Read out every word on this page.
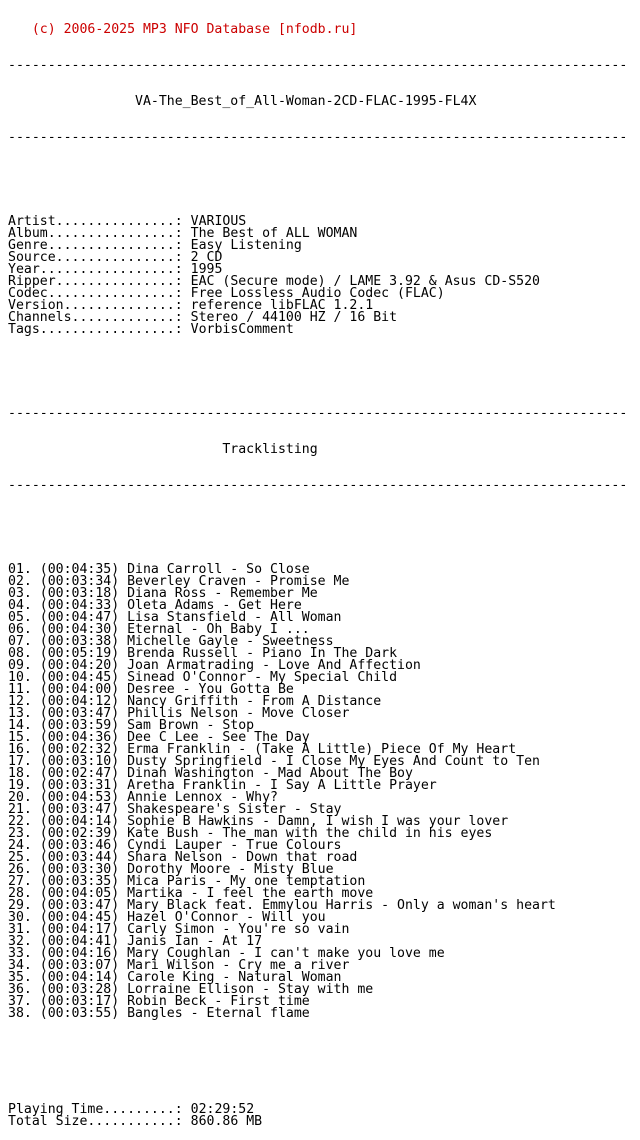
(c) 2006-2025 MP3 NFO Database [nfodb.ru]

------------------------------------------------------------------------------

VA-The_Best_of_All-Woman-2CD-FLAC-1995-FL4X

------------------------------------------------------------------------------

Artist...............: VARIOUS
Album................: The Best of ALL WOMAN
Genre................: Easy Listening
Source...............: 2 CD
Year.................: 1995
Ripper...............: EAC (Secure mode) / LAME 3.92 & Asus CD-S520
Codec................: Free Lossless Audio Codec (FLAC)
Version..............: reference libFLAC 1.2.1
Channels.............: Stereo / 44100 HZ / 16 Bit
Tags.................: VorbisComment

------------------------------------------------------------------------------

Tracklisting

------------------------------------------------------------------------------

01. (00:04:35) Dina Carroll - So Close
02. (00:03:34) Beverley Craven - Promise Me
03. (00:03:18) Diana Ross - Remember Me
04. (00:04:33) Oleta Adams - Get Here
05. (00:04:47) Lisa Stansfield - All Woman
06. (00:04:30) Eternal - Oh Baby I ...
07. (00:03:38) Michelle Gayle - Sweetness
08. (00:05:19) Brenda Russell - Piano In The Dark
09. (00:04:20) Joan Armatrading - Love And Affection
10. (00:04:45) Sinead O'Connor - My Special Child
11. (00:04:00) Desree - You Gotta Be
12. (00:04:12) Nancy Griffith - From A Distance
13. (00:03:47) Phillis Nelson - Move Closer
14. (00:03:59) Sam Brown - Stop
15. (00:04:36) Dee C Lee - See The Day
16. (00:02:32) Erma Franklin - (Take A Little) Piece Of My Heart
17. (00:03:10) Dusty Springfield - I Close My Eyes And Count to Ten
18. (00:02:47) Dinah Washington - Mad About The Boy
19. (00:03:31) Aretha Franklin - I Say A Little Prayer
20. (00:04:53) Annie Lennox - Why?
21. (00:03:47) Shakespeare's Sister - Stay
22. (00:04:14) Sophie B Hawkins - Damn, I wish I was your lover
23. (00:02:39) Kate Bush - The man with the child in his eyes
24. (00:03:46) Cyndi Lauper - True Colours
25. (00:03:44) Shara Nelson - Down that road
26. (00:03:30) Dorothy Moore - Misty Blue
27. (00:03:35) Mica Paris - My one temptation
28. (00:04:05) Martika - I feel the earth move
29. (00:03:47) Mary Black feat. Emmylou Harris - Only a woman's heart
30. (00:04:45) Hazel O'Connor - Will you
31. (00:04:17) Carly Simon - You're so vain
32. (00:04:41) Janis Ian - At 17
33. (00:04:16) Mary Coughlan - I can't make you love me
34. (00:03:07) Mari Wilson - Cry me a river
35. (00:04:14) Carole King - Natural Woman
36. (00:03:28) Lorraine Ellison - Stay with me
37. (00:03:17) Robin Beck - First time
38. (00:03:55) Bangles - Eternal flame

Playing Time.........: 02:29:52
Total Size...........: 860.86 MB
